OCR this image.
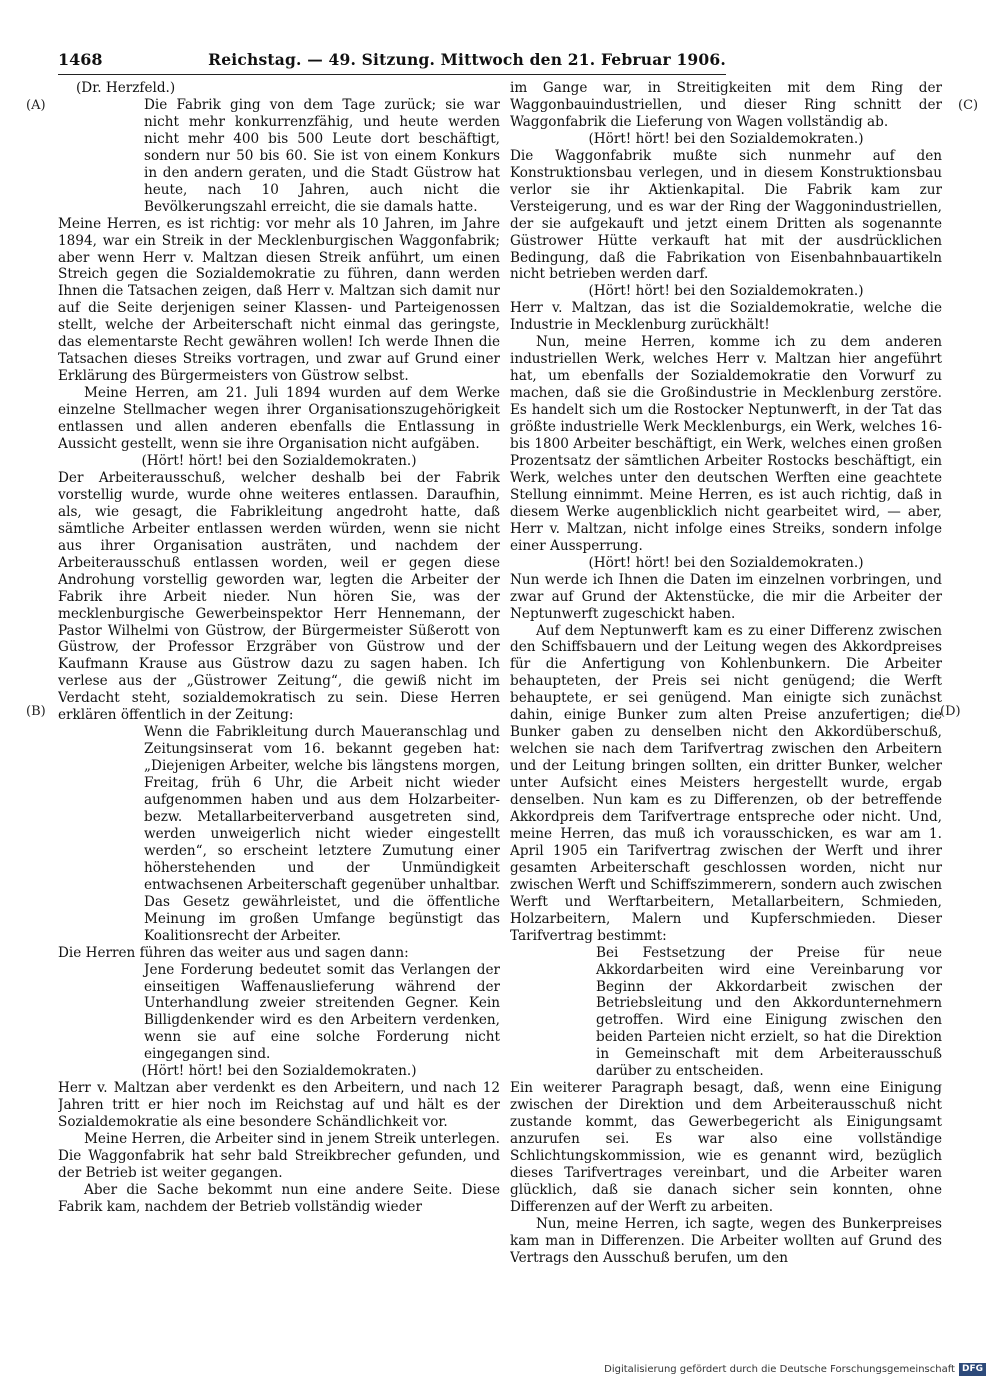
1468	Reichstag. — 49. Sitzung. Mittwoch den 21. Februar 1906.
(A)
(B)
(C)
(D)

(Dr. Herzfeld.)

Die Fabrik ging von dem Tage zurück; sie war nicht mehr konkurrenzfähig, und heute werden nicht mehr 400 bis 500 Leute dort beschäftigt, sondern nur 50 bis 60. Sie ist von einem Konkurs in den andern geraten, und die Stadt Güstrow hat heute, nach 10 Jahren, auch nicht die Bevölkerungszahl erreicht, die sie damals hatte.

Meine Herren, es ist richtig: vor mehr als 10 Jahren, im Jahre 1894, war ein Streik in der Mecklenburgischen Waggonfabrik; aber wenn Herr v. Maltzan diesen Streik anführt, um einen Streich gegen die Sozialdemokratie zu führen, dann werden Ihnen die Tatsachen zeigen, daß Herr v. Maltzan sich damit nur auf die Seite derjenigen seiner Klassen- und Parteigenossen stellt, welche der Arbeiterschaft nicht einmal das geringste, das elementarste Recht gewähren wollen! Ich werde Ihnen die Tatsachen dieses Streiks vortragen, und zwar auf Grund einer Erklärung des Bürgermeisters von Güstrow selbst.

Meine Herren, am 21. Juli 1894 wurden auf dem Werke einzelne Stellmacher wegen ihrer Organisationszugehörigkeit entlassen und allen anderen ebenfalls die Entlassung in Aussicht gestellt, wenn sie ihre Organisation nicht aufgäben.

(Hört! hört! bei den Sozialdemokraten.)

Der Arbeiterausschuß, welcher deshalb bei der Fabrik vorstellig wurde, wurde ohne weiteres entlassen. Daraufhin, als, wie gesagt, die Fabrikleitung angedroht hatte, daß sämtliche Arbeiter entlassen werden würden, wenn sie nicht aus ihrer Organisation austräten, und nachdem der Arbeiterausschuß entlassen worden, weil er gegen diese Androhung vorstellig geworden war, legten die Arbeiter der Fabrik ihre Arbeit nieder. Nun hören Sie, was der mecklenburgische Gewerbeinspektor Herr Hennemann, der Pastor Wilhelmi von Güstrow, der Bürgermeister Süßerott von Güstrow, der Professor Erzgräber von Güstrow und der Kaufmann Krause aus Güstrow dazu zu sagen haben. Ich verlese aus der „Güstrower Zeitung“, die gewiß nicht im Verdacht steht, sozialdemokratisch zu sein. Diese Herren erklären öffentlich in der Zeitung:

Wenn die Fabrikleitung durch Maueranschlag und Zeitungsinserat vom 16. bekannt gegeben hat: „Diejenigen Arbeiter, welche bis längstens morgen, Freitag, früh 6 Uhr, die Arbeit nicht wieder aufgenommen haben und aus dem Holzarbeiter- bezw. Metallarbeiterverband ausgetreten sind, werden unweigerlich nicht wieder eingestellt werden“, so erscheint letztere Zumutung einer höherstehenden und der Unmündigkeit entwachsenen Arbeiterschaft gegenüber unhaltbar. Das Gesetz gewährleistet, und die öffentliche Meinung im großen Umfange begünstigt das Koalitionsrecht der Arbeiter.

Die Herren führen das weiter aus und sagen dann:

Jene Forderung bedeutet somit das Verlangen der einseitigen Waffenauslieferung während der Unterhandlung zweier streitenden Gegner. Kein Billigdenkender wird es den Arbeitern verdenken, wenn sie auf eine solche Forderung nicht eingegangen sind.

(Hört! hört! bei den Sozialdemokraten.)

Herr v. Maltzan aber verdenkt es den Arbeitern, und nach 12 Jahren tritt er hier noch im Reichstag auf und hält es der Sozialdemokratie als eine besondere Schändlichkeit vor.

Meine Herren, die Arbeiter sind in jenem Streik unterlegen. Die Waggonfabrik hat sehr bald Streikbrecher gefunden, und der Betrieb ist weiter gegangen.

Aber die Sache bekommt nun eine andere Seite. Diese Fabrik kam, nachdem der Betrieb vollständig wieder

im Gange war, in Streitigkeiten mit dem Ring der Waggonbauindustriellen, und dieser Ring schnitt der Waggonfabrik die Lieferung von Wagen vollständig ab.

(Hört! hört! bei den Sozialdemokraten.)

Die Waggonfabrik mußte sich nunmehr auf den Konstruktionsbau verlegen, und in diesem Konstruktionsbau verlor sie ihr Aktienkapital. Die Fabrik kam zur Versteigerung, und es war der Ring der Waggonindustriellen, der sie aufgekauft und jetzt einem Dritten als sogenannte Güstrower Hütte verkauft hat mit der ausdrücklichen Bedingung, daß die Fabrikation von Eisenbahnbauartikeln nicht betrieben werden darf.

(Hört! hört! bei den Sozialdemokraten.)

Herr v. Maltzan, das ist die Sozialdemokratie, welche die Industrie in Mecklenburg zurückhält!

Nun, meine Herren, komme ich zu dem anderen industriellen Werk, welches Herr v. Maltzan hier angeführt hat, um ebenfalls der Sozialdemokratie den Vorwurf zu machen, daß sie die Großindustrie in Mecklenburg zerstöre. Es handelt sich um die Rostocker Neptunwerft, in der Tat das größte industrielle Werk Mecklenburgs, ein Werk, welches 16- bis 1800 Arbeiter beschäftigt, ein Werk, welches einen großen Prozentsatz der sämtlichen Arbeiter Rostocks beschäftigt, ein Werk, welches unter den deutschen Werften eine geachtete Stellung einnimmt. Meine Herren, es ist auch richtig, daß in diesem Werke augenblicklich nicht gearbeitet wird, — aber, Herr v. Maltzan, nicht infolge eines Streiks, sondern infolge einer Aussperrung.

(Hört! hört! bei den Sozialdemokraten.)

Nun werde ich Ihnen die Daten im einzelnen vorbringen, und zwar auf Grund der Aktenstücke, die mir die Arbeiter der Neptunwerft zugeschickt haben.

Auf dem Neptunwerft kam es zu einer Differenz zwischen den Schiffsbauern und der Leitung wegen des Akkordpreises für die Anfertigung von Kohlenbunkern. Die Arbeiter behaupteten, der Preis sei nicht genügend; die Werft behauptete, er sei genügend. Man einigte sich zunächst dahin, einige Bunker zum alten Preise anzufertigen; die Bunker gaben zu denselben nicht den Akkordüberschuß, welchen sie nach dem Tarifvertrag zwischen den Arbeitern und der Leitung bringen sollten, ein dritter Bunker, welcher unter Aufsicht eines Meisters hergestellt wurde, ergab denselben. Nun kam es zu Differenzen, ob der betreffende Akkordpreis dem Tarifvertrage entspreche oder nicht. Und, meine Herren, das muß ich vorausschicken, es war am 1. April 1905 ein Tarifvertrag zwischen der Werft und ihrer gesamten Arbeiterschaft geschlossen worden, nicht nur zwischen Werft und Schiffszimmerern, sondern auch zwischen Werft und Werftarbeitern, Metallarbeitern, Schmieden, Holzarbeitern, Malern und Kupferschmieden. Dieser Tarifvertrag bestimmt:

Bei Festsetzung der Preise für neue Akkordarbeiten wird eine Vereinbarung vor Beginn der Akkordarbeit zwischen der Betriebsleitung und den Akkordunternehmern getroffen. Wird eine Einigung zwischen den beiden Parteien nicht erzielt, so hat die Direktion in Gemeinschaft mit dem Arbeiterausschuß darüber zu entscheiden.

Ein weiterer Paragraph besagt, daß, wenn eine Einigung zwischen der Direktion und dem Arbeiterausschuß nicht zustande kommt, das Gewerbegericht als Einigungsamt anzurufen sei. Es war also eine vollständige Schlichtungskommission, wie es genannt wird, bezüglich dieses Tarifvertrages vereinbart, und die Arbeiter waren glücklich, daß sie danach sicher sein konnten, ohne Differenzen auf der Werft zu arbeiten.

Nun, meine Herren, ich sagte, wegen des Bunkerpreises kam man in Differenzen. Die Arbeiter wollten auf Grund des Vertrags den Ausschuß berufen, um den

Digitalisierung gefördert durch die Deutsche Forschungsgemeinschaft DFG
